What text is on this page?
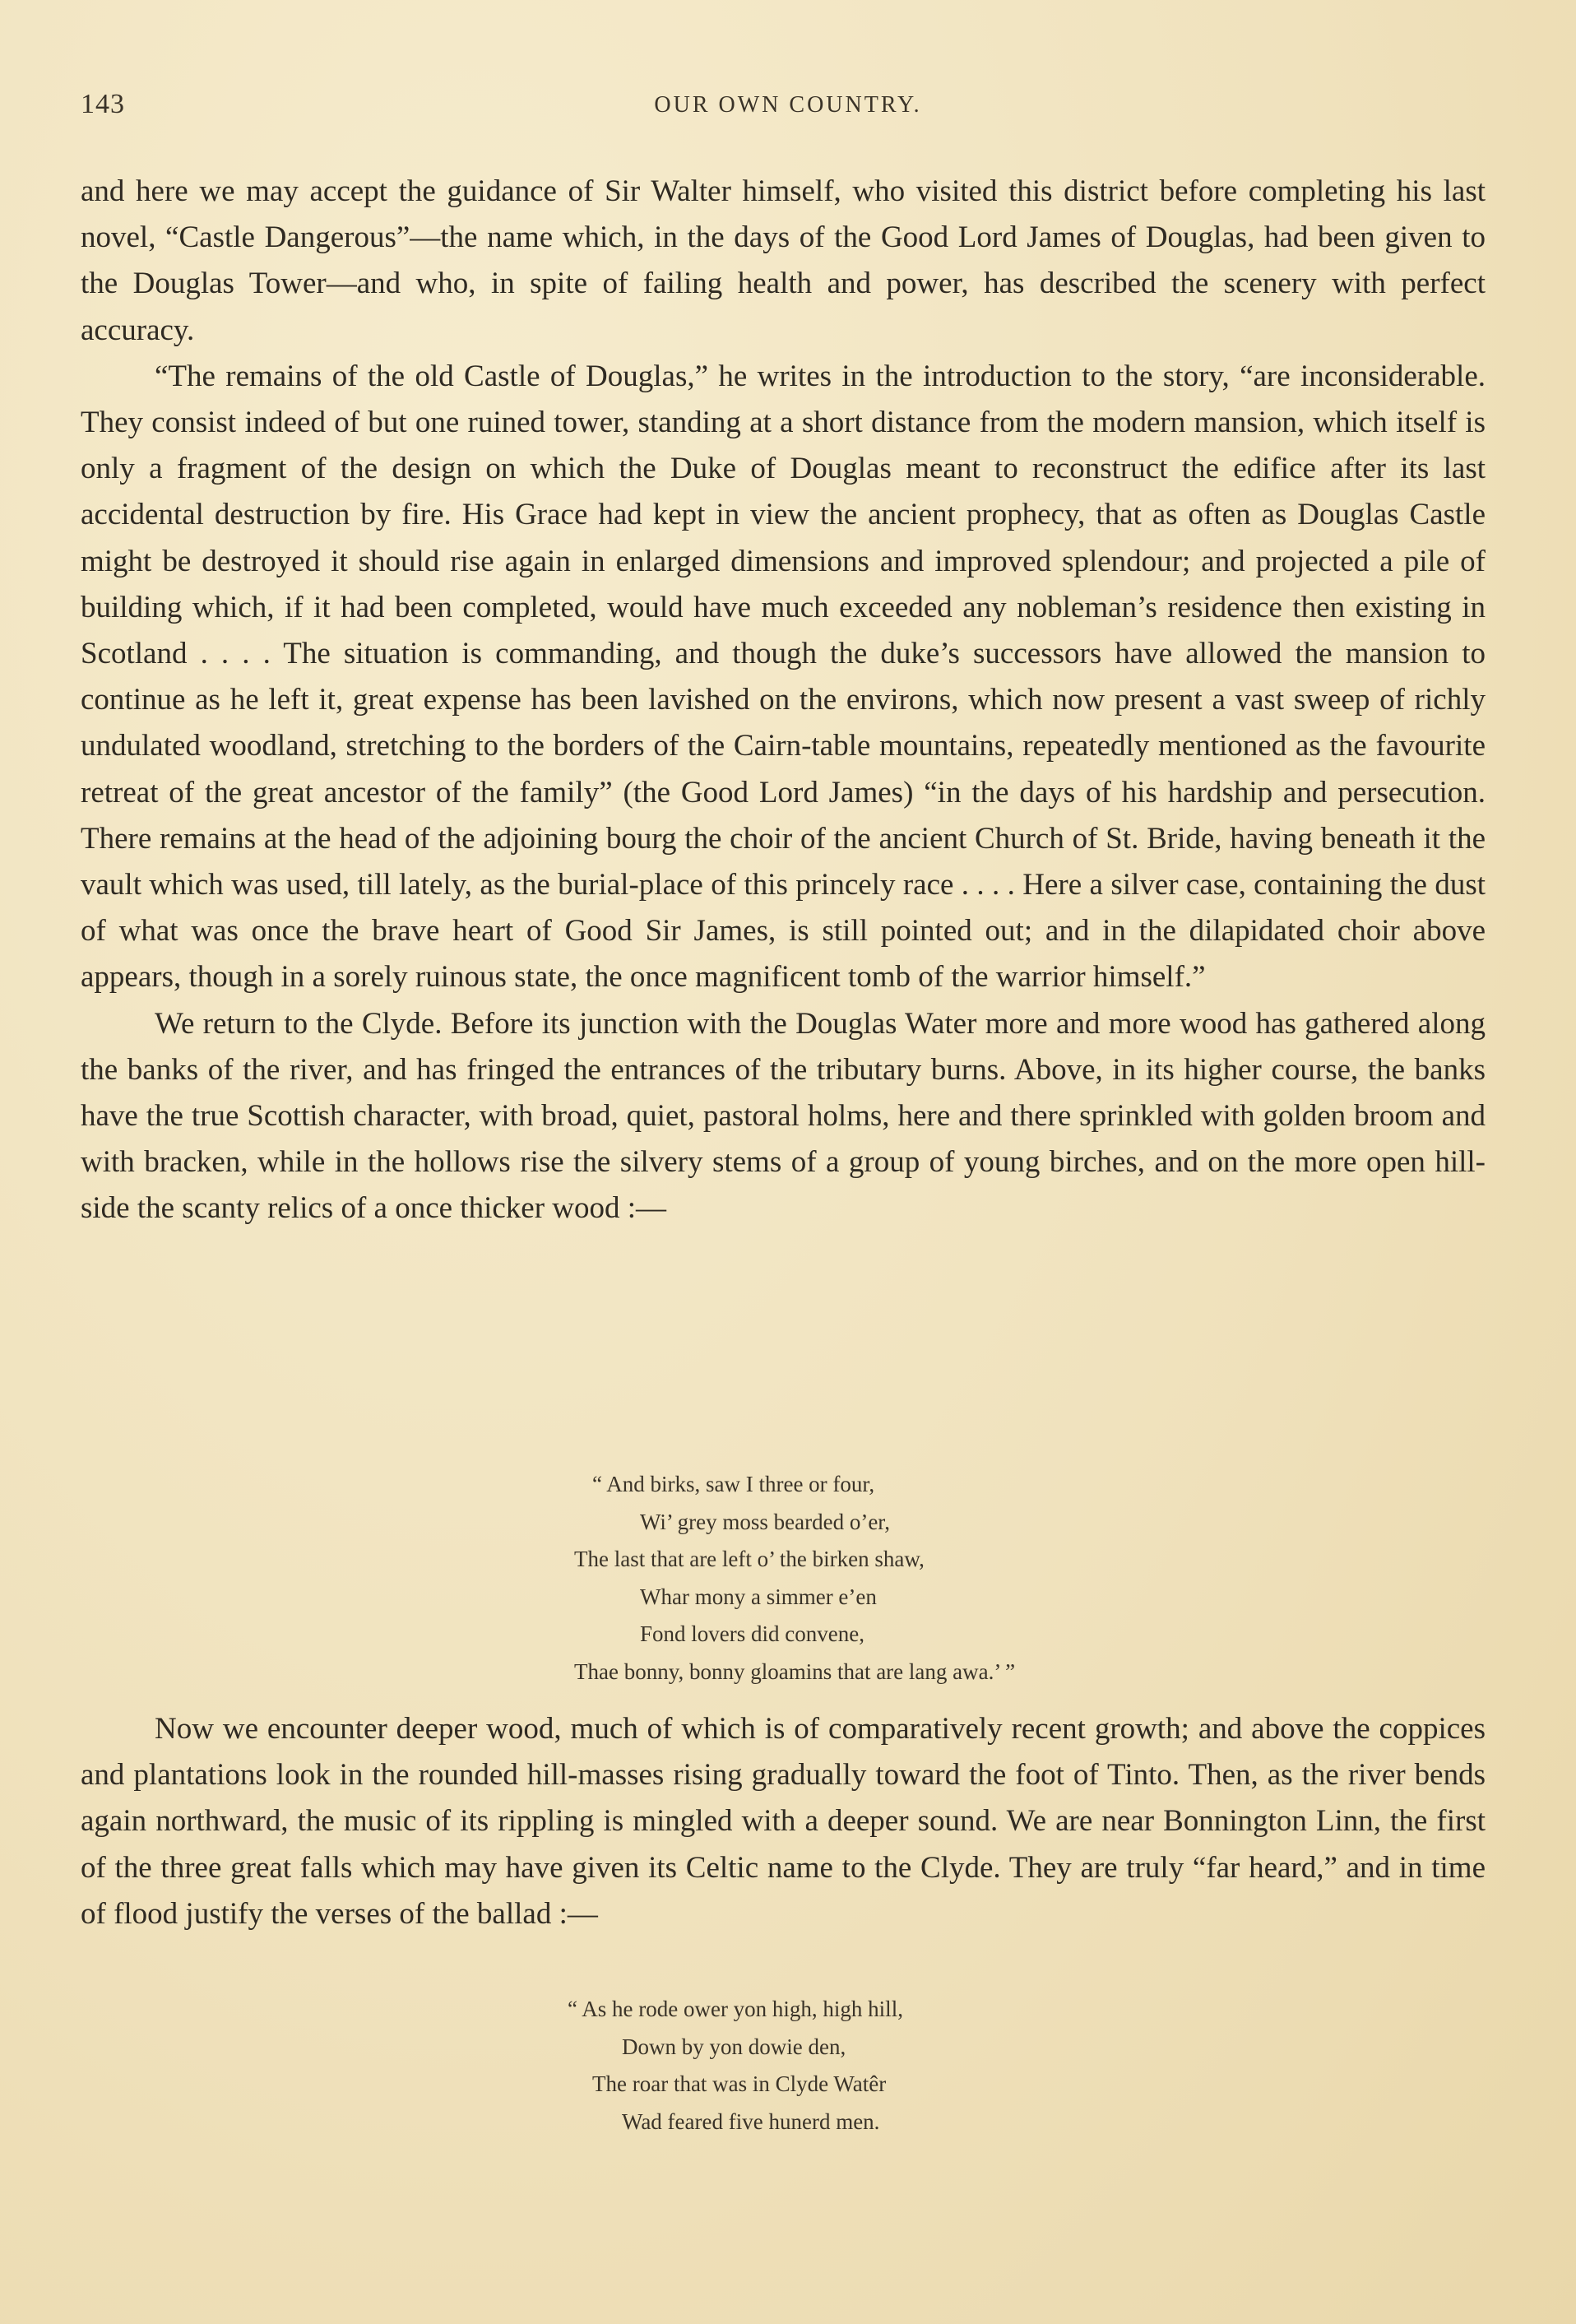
143	OUR OWN COUNTRY.

and here we may accept the guidance of Sir Walter himself, who visited this district before completing his last novel, “Castle Dangerous”—the name which, in the days of the Good Lord James of Douglas, had been given to the Douglas Tower—and who, in spite of failing health and power, has described the scenery with perfect accuracy.

“The remains of the old Castle of Douglas,” he writes in the introduction to the story, “are inconsiderable. They consist indeed of but one ruined tower, standing at a short distance from the modern mansion, which itself is only a fragment of the design on which the Duke of Douglas meant to reconstruct the edifice after its last accidental destruction by fire. His Grace had kept in view the ancient prophecy, that as often as Douglas Castle might be destroyed it should rise again in enlarged dimensions and improved splendour; and projected a pile of building which, if it had been completed, would have much exceeded any nobleman’s residence then existing in Scotland . . . . The situation is commanding, and though the duke’s successors have allowed the mansion to continue as he left it, great expense has been lavished on the environs, which now present a vast sweep of richly undulated woodland, stretching to the borders of the Cairn-table mountains, repeatedly mentioned as the favourite retreat of the great ancestor of the family” (the Good Lord James) “in the days of his hardship and persecution. There remains at the head of the adjoining bourg the choir of the ancient Church of St. Bride, having beneath it the vault which was used, till lately, as the burial-place of this princely race . . . . Here a silver case, containing the dust of what was once the brave heart of Good Sir James, is still pointed out; and in the dilapidated choir above appears, though in a sorely ruinous state, the once magnificent tomb of the warrior himself.”

We return to the Clyde. Before its junction with the Douglas Water more and more wood has gathered along the banks of the river, and has fringed the entrances of the tributary burns. Above, in its higher course, the banks have the true Scottish character, with broad, quiet, pastoral holms, here and there sprinkled with golden broom and with bracken, while in the hollows rise the silvery stems of a group of young birches, and on the more open hill-side the scanty relics of a once thicker wood :—

“ And birks, saw I three or four,
Wi’ grey moss bearded o’er,
The last that are left o’ the birken shaw,
Whar mony a simmer e’en
Fond lovers did convene,
Thae bonny, bonny gloamins that are lang awa.’ ”

Now we encounter deeper wood, much of which is of comparatively recent growth; and above the coppices and plantations look in the rounded hill-masses rising gradually toward the foot of Tinto. Then, as the river bends again northward, the music of its rippling is mingled with a deeper sound. We are near Bonnington Linn, the first of the three great falls which may have given its Celtic name to the Clyde. They are truly “far heard,” and in time of flood justify the verses of the ballad :—

“ As he rode ower yon high, high hill,
Down by yon dowie den,
The roar that was in Clyde Watêr
Wad feared five hunerd men.
